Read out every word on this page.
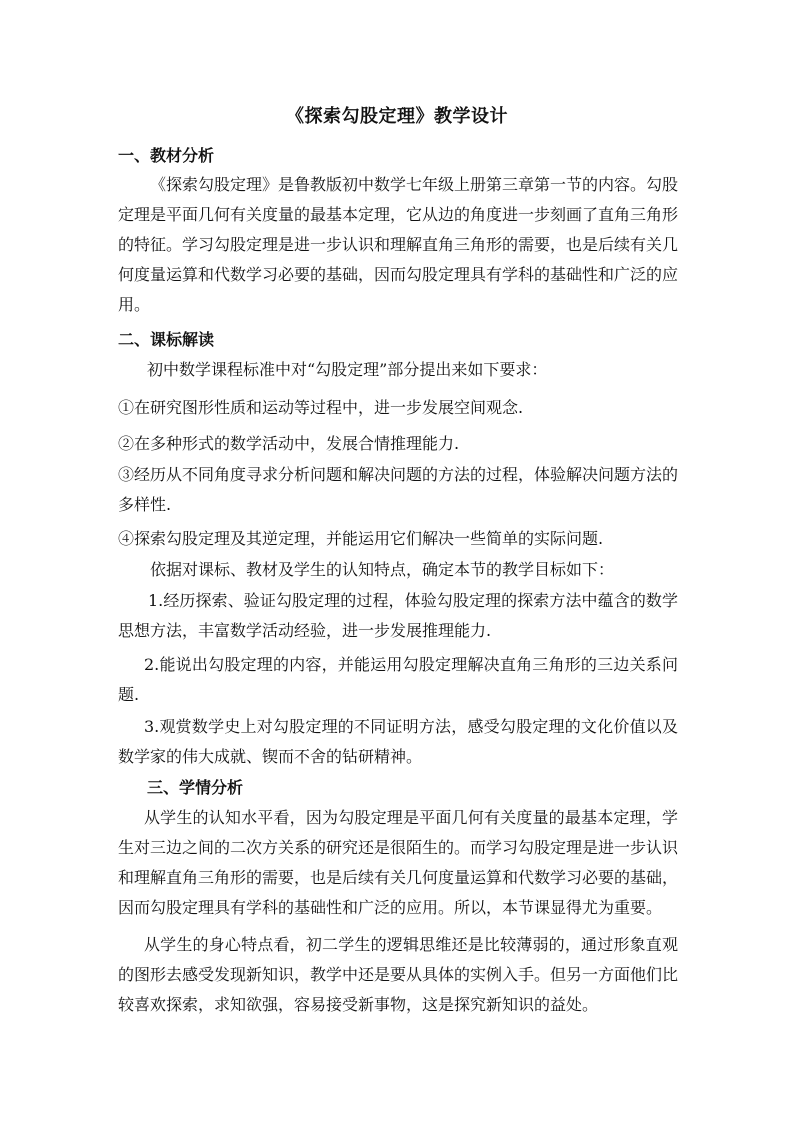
《探索勾股定理》教学设计
一、教材分析
《探索勾股定理》是鲁教版初中数学七年级上册第三章第一节的内容。勾股定理是平面几何有关度量的最基本定理，它从边的角度进一步刻画了直角三角形的特征。学习勾股定理是进一步认识和理解直角三角形的需要，也是后续有关几何度量运算和代数学习必要的基础，因而勾股定理具有学科的基础性和广泛的应用。
二、课标解读
初中数学课程标准中对“勾股定理”部分提出来如下要求：
①在研究图形性质和运动等过程中，进一步发展空间观念.
②在多种形式的数学活动中，发展合情推理能力.
③经历从不同角度寻求分析问题和解决问题的方法的过程，体验解决问题方法的多样性.
④探索勾股定理及其逆定理，并能运用它们解决一些简单的实际问题.
依据对课标、教材及学生的认知特点，确定本节的教学目标如下：
1.经历探索、验证勾股定理的过程，体验勾股定理的探索方法中蕴含的数学思想方法，丰富数学活动经验，进一步发展推理能力.
2.能说出勾股定理的内容，并能运用勾股定理解决直角三角形的三边关系问题.
3.观赏数学史上对勾股定理的不同证明方法，感受勾股定理的文化价值以及数学家的伟大成就、锲而不舍的钻研精神。
三、学情分析
从学生的认知水平看，因为勾股定理是平面几何有关度量的最基本定理，学生对三边之间的二次方关系的研究还是很陌生的。而学习勾股定理是进一步认识和理解直角三角形的需要，也是后续有关几何度量运算和代数学习必要的基础，因而勾股定理具有学科的基础性和广泛的应用。所以，本节课显得尤为重要。
从学生的身心特点看，初二学生的逻辑思维还是比较薄弱的，通过形象直观的图形去感受发现新知识，教学中还是要从具体的实例入手。但另一方面他们比较喜欢探索，求知欲强，容易接受新事物，这是探究新知识的益处。
